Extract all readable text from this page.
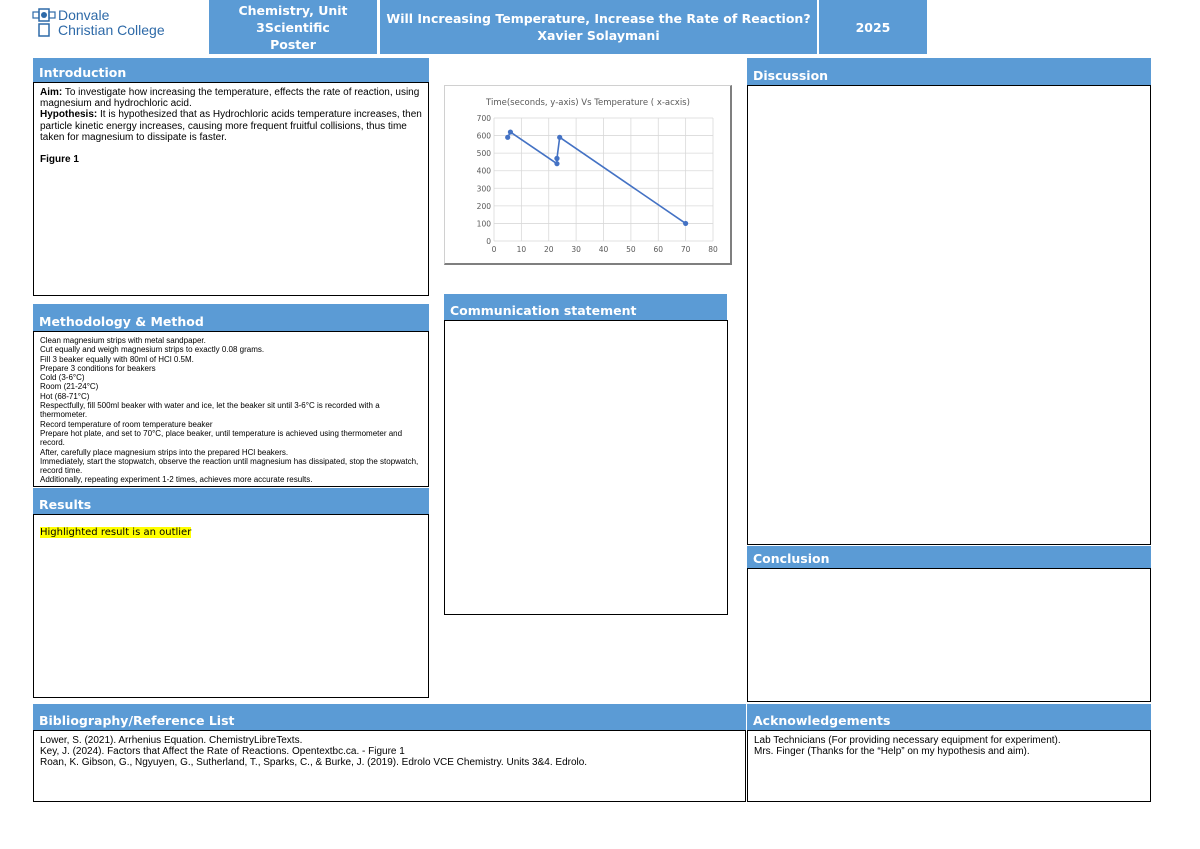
Donvale
Christian College
Chemistry, Unit 3Scientific
Poster
Will Increasing Temperature, Increase the Rate of Reaction?
Xavier Solaymani
2025
Introduction
Aim: To investigate how increasing the temperature, effects the rate of reaction, using magnesium and hydrochloric acid.
Hypothesis: It is hypothesized that as Hydrochloric acids temperature increases, then particle kinetic energy increases, causing more frequent fruitful collisions, thus time taken for magnesium to dissipate is faster.

Figure 1
Methodology & Method
Clean magnesium strips with metal sandpaper.
Cut equally and weigh magnesium strips to exactly 0.08 grams.
Fill 3 beaker equally with 80ml of HCl 0.5M.
Prepare 3 conditions for beakers
Cold (3-6°C)
Room (21-24°C)
Hot (68-71°C)
Respectfully, fill 500ml beaker with water and ice, let the beaker sit until 3-6°C is recorded with a thermometer.
Record temperature of room temperature beaker
Prepare hot plate, and set to 70°C, place beaker, until temperature is achieved using thermometer and record.
After, carefully place magnesium strips into the prepared HCl beakers.
Immediately, start the stopwatch, observe the reaction until magnesium has dissipated, stop the stopwatch, record time.
Additionally, repeating experiment 1-2 times, achieves more accurate results.
Results
Highlighted result is an outlier
Time(seconds, y-axis) Vs Temperature ( x-acxis)
0
100
200
300
400
500
600
700
0	10 20 30 40 50 60 70 80
Communication statement
Discussion
Conclusion
Bibliography/Reference List
Lower, S. (2021). Arrhenius Equation. ChemistryLibreTexts.
Key, J. (2024). Factors that Affect the Rate of Reactions. Opentextbc.ca. - Figure 1
Roan, K. Gibson, G., Ngyuyen, G., Sutherland, T., Sparks, C., & Burke, J. (2019). Edrolo VCE Chemistry. Units 3&4. Edrolo.
Acknowledgements
Lab Technicians (For providing necessary equipment for experiment).
Mrs. Finger (Thanks for the “Help” on my hypothesis and aim).
